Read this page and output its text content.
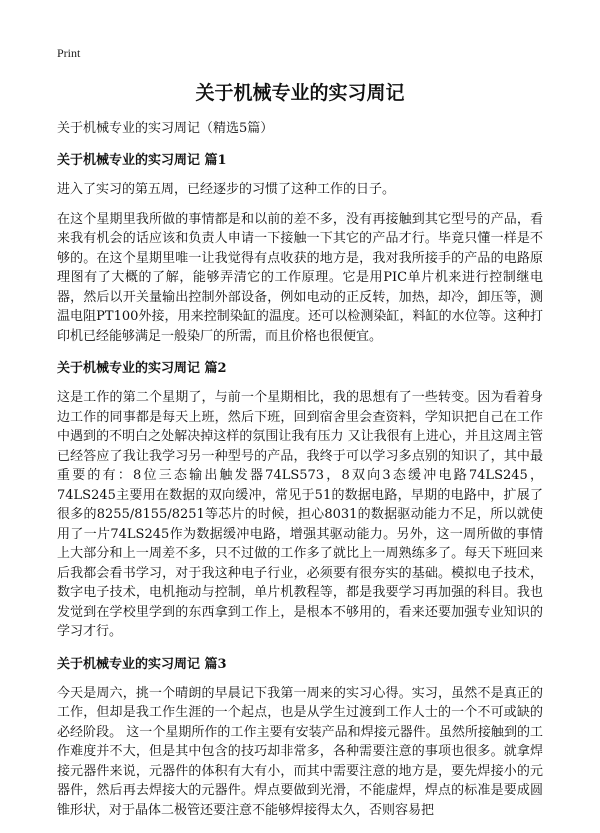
Print
关于机械专业的实习周记

关于机械专业的实习周记（精选5篇）

关于机械专业的实习周记 篇1

进入了实习的第五周，已经逐步的习惯了这种工作的日子。

在这个星期里我所做的事情都是和以前的差不多，没有再接触到其它型号的产品，看来我有机会的话应该和负责人申请一下接触一下其它的产品才行。毕竟只懂一样是不够的。在这个星期里唯一让我觉得有点收获的地方是，我对我所接手的产品的电路原理图有了大概的了解，能够弄清它的工作原理。它是用PIC单片机来进行控制继电器，然后以开关量输出控制外部设备，例如电动的正反转，加热，却冷，卸压等，测温电阻PT100外接，用来控制染缸的温度。还可以检测染缸，料缸的水位等。这种打印机已经能够满足一般染厂的所需，而且价格也很便宜。

关于机械专业的实习周记 篇2

这是工作的第二个星期了，与前一个星期相比，我的思想有了一些转变。因为看着身边工作的同事都是每天上班，然后下班，回到宿舍里会查资料，学知识把自己在工作中遇到的不明白之处解决掉这样的氛围让我有压力 又让我很有上进心，并且这周主管已经答应了我让我学习另一种型号的产品，我终于可以学习多点别的知识了，其中最重要的有：8位三态输出触发器74LS573，8双向3态缓冲电路74LS245，74LS245主要用在数据的双向缓冲，常见于51的数据电路，早期的电路中，扩展了很多的8255/8155/8251等芯片的时候，担心8031的数据驱动能力不足，所以就使用了一片74LS245作为数据缓冲电路，增强其驱动能力。另外，这一周所做的事情上大部分和上一周差不多，只不过做的工作多了就比上一周熟练多了。每天下班回来后我都会看书学习，对于我这种电子行业，必须要有很夯实的基础。模拟电子技术，数字电子技术，电机拖动与控制，单片机教程等，都是我要学习再加强的科目。我也发觉到在学校里学到的东西拿到工作上，是根本不够用的，看来还要加强专业知识的学习才行。

关于机械专业的实习周记 篇3

今天是周六，挑一个晴朗的早晨记下我第一周来的实习心得。实习，虽然不是真正的工作，但却是我工作生涯的一个起点，也是从学生过渡到工作人士的一个不可或缺的必经阶段。 这一个星期所作的工作主要有安装产品和焊接元器件。虽然所接触到的工作难度并不大，但是其中包含的技巧却非常多，各种需要注意的事项也很多。就拿焊接元器件来说，元器件的体积有大有小，而其中需要注意的地方是，要先焊接小的元器件，然后再去焊接大的元器件。焊点要做到光滑，不能虚焊，焊点的标准是要成圆锥形状，对于晶体二极管还要注意不能够焊接得太久，否则容易把
